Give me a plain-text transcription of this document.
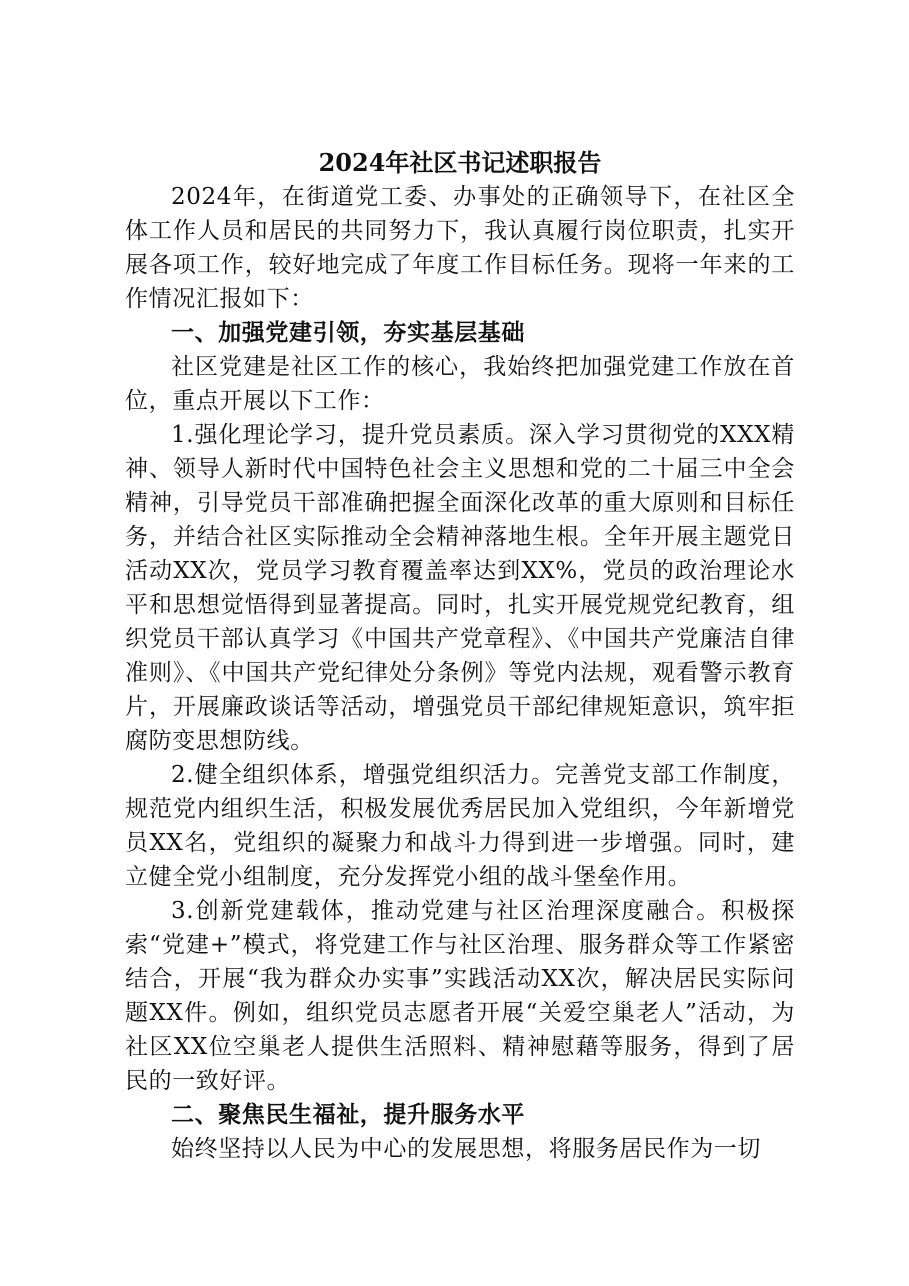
2024年社区书记述职报告

2024年，在街道党工委、办事处的正确领导下，在社区全体工作人员和居民的共同努力下，我认真履行岗位职责，扎实开展各项工作，较好地完成了年度工作目标任务。现将一年来的工作情况汇报如下：

一、加强党建引领，夯实基层基础

社区党建是社区工作的核心，我始终把加强党建工作放在首位，重点开展以下工作：

1.强化理论学习，提升党员素质。深入学习贯彻党的XXX精神、领导人新时代中国特色社会主义思想和党的二十届三中全会精神，引导党员干部准确把握全面深化改革的重大原则和目标任务，并结合社区实际推动全会精神落地生根。全年开展主题党日活动XX次，党员学习教育覆盖率达到XX%，党员的政治理论水平和思想觉悟得到显著提高。同时，扎实开展党规党纪教育，组织党员干部认真学习《中国共产党章程》、《中国共产党廉洁自律准则》、《中国共产党纪律处分条例》等党内法规，观看警示教育片，开展廉政谈话等活动，增强党员干部纪律规矩意识，筑牢拒腐防变思想防线。

2.健全组织体系，增强党组织活力。完善党支部工作制度，规范党内组织生活，积极发展优秀居民加入党组织，今年新增党员XX名，党组织的凝聚力和战斗力得到进一步增强。同时，建立健全党小组制度，充分发挥党小组的战斗堡垒作用。

3.创新党建载体，推动党建与社区治理深度融合。积极探索“党建+”模式，将党建工作与社区治理、服务群众等工作紧密结合，开展“我为群众办实事”实践活动XX次，解决居民实际问题XX件。例如，组织党员志愿者开展“关爱空巢老人”活动，为社区XX位空巢老人提供生活照料、精神慰藉等服务，得到了居民的一致好评。

二、聚焦民生福祉，提升服务水平

始终坚持以人民为中心的发展思想，将服务居民作为一切
